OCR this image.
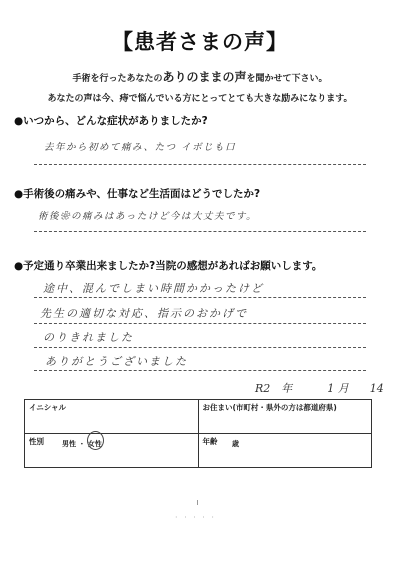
【患者さまの声】
手術を行ったあなたのありのままの声を聞かせて下さい。
あなたの声は今、痔で悩んでいる方にとってとても大きな励みになります。
●いつから、どんな症状がありましたか?
去年から初めて痛み、たつ イボじも口
●手術後の痛みや、仕事など生活面はどうでしたか?
術後❀の痛みはあったけど今は大丈夫です。
●予定通り卒業出来ましたか?当院の感想があればお願いします。
途中、混んでしまい時間かかったけど
先生の適切な対応、指示のおかげで
のりきれました
ありがとうございました
R2 年	1 月 14
イニシャル	お住まい(市町村・県外の方は都道府県)
性別	年齢
男性 ・ 女性	歳
· · · · ·
